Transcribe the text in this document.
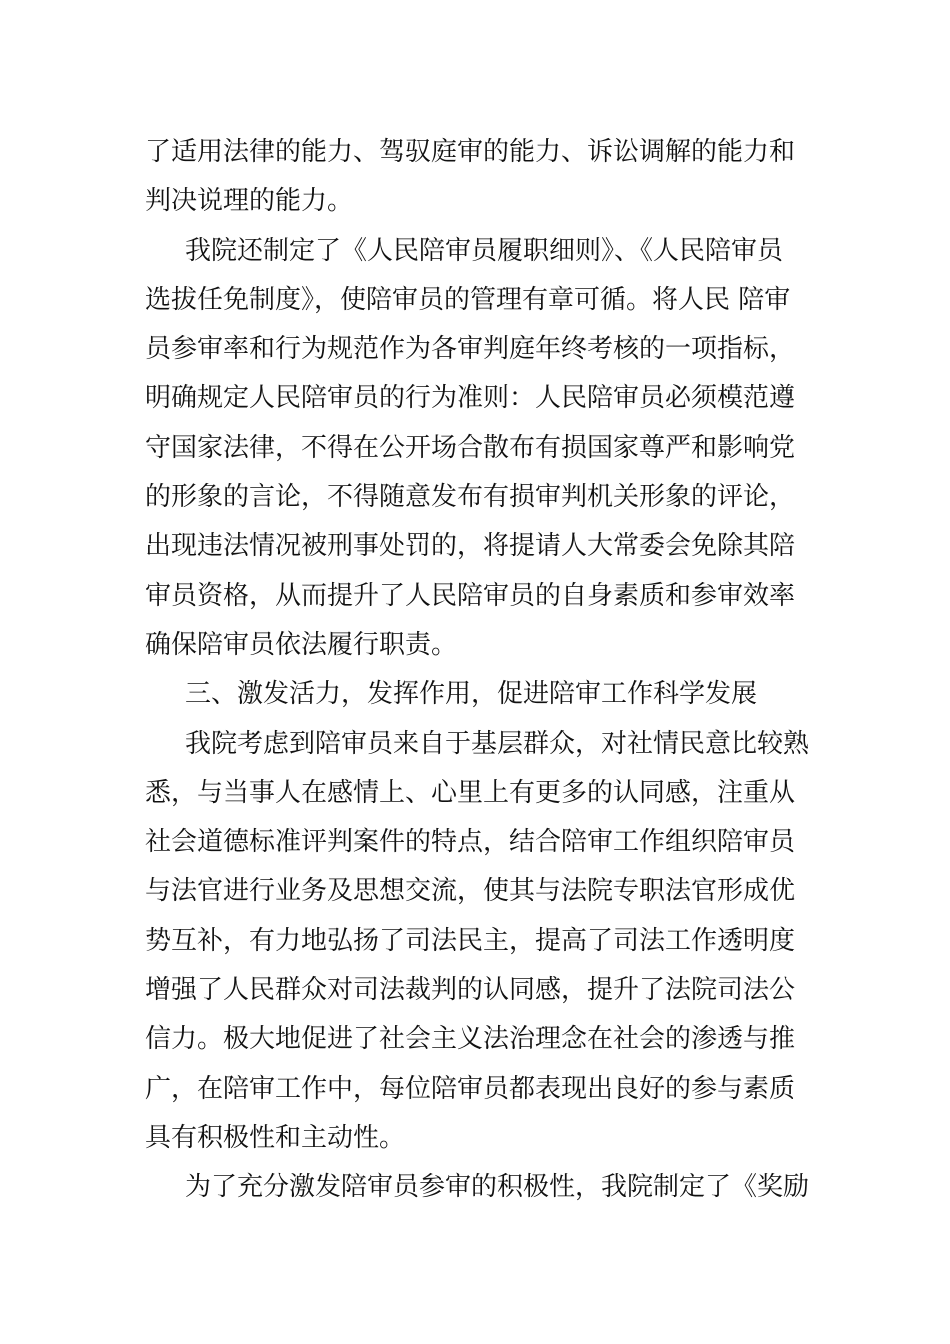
了适用法律的能力、驾驭庭审的能力、诉讼调解的能力和
判决说理的能力。
我院还制定了《人民陪审员履职细则》、《人民陪审员
选拔任免制度》，使陪审员的管理有章可循。将人民 陪审
员参审率和行为规范作为各审判庭年终考核的一项指标，
明确规定人民陪审员的行为准则：人民陪审员必须模范遵
守国家法律，不得在公开场合散布有损国家尊严和影响党
的形象的言论，不得随意发布有损审判机关形象的评论，
出现违法情况被刑事处罚的，将提请人大常委会免除其陪
审员资格，从而提升了人民陪审员的自身素质和参审效率
确保陪审员依法履行职责。
三、激发活力，发挥作用，促进陪审工作科学发展
我院考虑到陪审员来自于基层群众，对社情民意比较熟
悉，与当事人在感情上、心里上有更多的认同感，注重从
社会道德标准评判案件的特点，结合陪审工作组织陪审员
与法官进行业务及思想交流，使其与法院专职法官形成优
势互补，有力地弘扬了司法民主，提高了司法工作透明度
增强了人民群众对司法裁判的认同感，提升了法院司法公
信力。极大地促进了社会主义法治理念在社会的渗透与推
广，在陪审工作中，每位陪审员都表现出良好的参与素质
具有积极性和主动性。
为了充分激发陪审员参审的积极性，我院制定了《奖励
